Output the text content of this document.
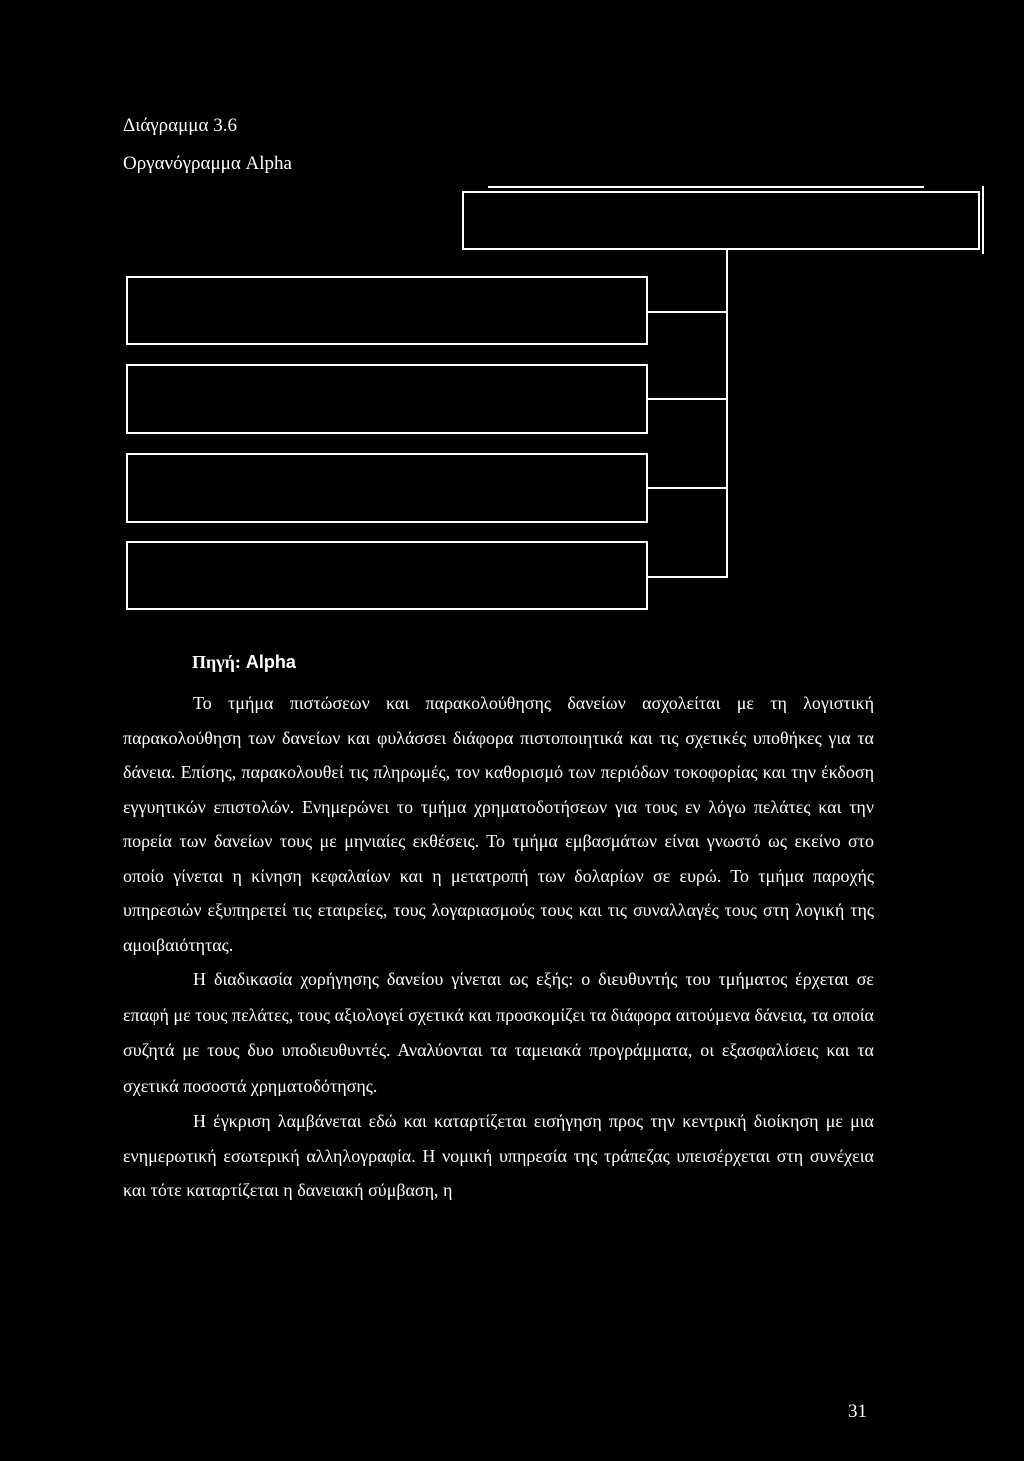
Διάγραμμα 3.6
Οργανόγραμμα Alpha
Πηγή: Alpha

Το τμήμα πιστώσεων και παρακολούθησης δανείων ασχολείται με τη λογιστική παρακολούθηση των δανείων και φυλάσσει διάφορα πιστοποιητικά και τις σχετικές υποθήκες για τα δάνεια. Επίσης, παρακολουθεί τις πληρωμές, τον καθορισμό των περιόδων τοκοφορίας και την έκδοση εγγυητικών επιστολών. Ενημερώνει το τμήμα χρηματοδοτήσεων για τους εν λόγω πελάτες και την πορεία των δανείων τους με μηνιαίες εκθέσεις. Το τμήμα εμβασμάτων είναι γνωστό ως εκείνο στο οποίο γίνεται η κίνηση κεφαλαίων και η μετατροπή των δολαρίων σε ευρώ. Το τμήμα παροχής υπηρεσιών εξυπηρετεί τις εταιρείες, τους λογαριασμούς τους και τις συναλλαγές τους στη λογική της αμοιβαιότητας.

Η διαδικασία χορήγησης δανείου γίνεται ως εξής: ο διευθυντής του τμήματος έρχεται σε επαφή με τους πελάτες, τους αξιολογεί σχετικά και προσκομίζει τα διάφορα αιτούμενα δάνεια, τα οποία συζητά με τους δυο υποδιευθυντές. Αναλύονται τα ταμειακά προγράμματα, οι εξασφαλίσεις και τα σχετικά ποσοστά χρηματοδότησης.

Η έγκριση λαμβάνεται εδώ και καταρτίζεται εισήγηση προς την κεντρική διοίκηση με μια ενημερωτική εσωτερική αλληλογραφία. Η νομική υπηρεσία της τράπεζας υπεισέρχεται στη συνέχεια και τότε καταρτίζεται η δανειακή σύμβαση, η

31
